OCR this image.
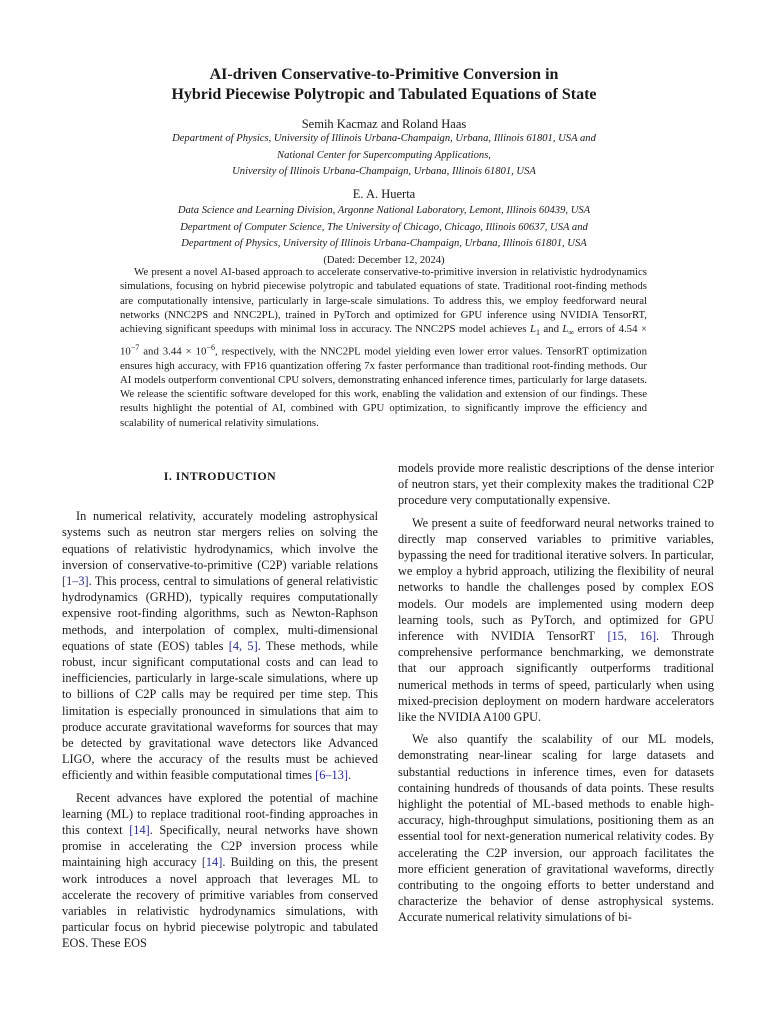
AI-driven Conservative-to-Primitive Conversion in
Hybrid Piecewise Polytropic and Tabulated Equations of State
Semih Kacmaz and Roland Haas
Department of Physics, University of Illinois Urbana-Champaign, Urbana, Illinois 61801, USA and
National Center for Supercomputing Applications,
University of Illinois Urbana-Champaign, Urbana, Illinois 61801, USA
E. A. Huerta
Data Science and Learning Division, Argonne National Laboratory, Lemont, Illinois 60439, USA
Department of Computer Science, The University of Chicago, Chicago, Illinois 60637, USA and
Department of Physics, University of Illinois Urbana-Champaign, Urbana, Illinois 61801, USA
(Dated: December 12, 2024)
We present a novel AI-based approach to accelerate conservative-to-primitive inversion in relativistic hydrodynamics simulations, focusing on hybrid piecewise polytropic and tabulated equations of state. Traditional root-finding methods are computationally intensive, particularly in large-scale simulations. To address this, we employ feedforward neural networks (NNC2PS and NNC2PL), trained in PyTorch and optimized for GPU inference using NVIDIA TensorRT, achieving significant speedups with minimal loss in accuracy. The NNC2PS model achieves $L_1$ and $L_\infty$ errors of $4.54 \times 10^{-7}$ and $3.44 \times 10^{-6}$, respectively, with the NNC2PL model yielding even lower error values. TensorRT optimization ensures high accuracy, with FP16 quantization offering 7x faster performance than traditional root-finding methods. Our AI models outperform conventional CPU solvers, demonstrating enhanced inference times, particularly for large datasets. We release the scientific software developed for this work, enabling the validation and extension of our findings. These results highlight the potential of AI, combined with GPU optimization, to significantly improve the efficiency and scalability of numerical relativity simulations.
I. INTRODUCTION

In numerical relativity, accurately modeling astrophysical systems such as neutron star mergers relies on solving the equations of relativistic hydrodynamics, which involve the inversion of conservative-to-primitive (C2P) variable relations [1–3]. This process, central to simulations of general relativistic hydrodynamics (GRHD), typically requires computationally expensive root-finding algorithms, such as Newton-Raphson methods, and interpolation of complex, multi-dimensional equations of state (EOS) tables [4, 5]. These methods, while robust, incur significant computational costs and can lead to inefficiencies, particularly in large-scale simulations, where up to billions of C2P calls may be required per time step. This limitation is especially pronounced in simulations that aim to produce accurate gravitational waveforms for sources that may be detected by gravitational wave detectors like Advanced LIGO, where the accuracy of the results must be achieved efficiently and within feasible computational times [6–13].

Recent advances have explored the potential of machine learning (ML) to replace traditional root-finding approaches in this context [14]. Specifically, neural networks have shown promise in accelerating the C2P inversion process while maintaining high accuracy [14]. Building on this, the present work introduces a novel approach that leverages ML to accelerate the recovery of primitive variables from conserved variables in relativistic hydrodynamics simulations, with particular focus on hybrid piecewise polytropic and tabulated EOS. These EOS

models provide more realistic descriptions of the dense interior of neutron stars, yet their complexity makes the traditional C2P procedure very computationally expensive.

We present a suite of feedforward neural networks trained to directly map conserved variables to primitive variables, bypassing the need for traditional iterative solvers. In particular, we employ a hybrid approach, utilizing the flexibility of neural networks to handle the challenges posed by complex EOS models. Our models are implemented using modern deep learning tools, such as PyTorch, and optimized for GPU inference with NVIDIA TensorRT [15, 16]. Through comprehensive performance benchmarking, we demonstrate that our approach significantly outperforms traditional numerical methods in terms of speed, particularly when using mixed-precision deployment on modern hardware accelerators like the NVIDIA A100 GPU.

We also quantify the scalability of our ML models, demonstrating near-linear scaling for large datasets and substantial reductions in inference times, even for datasets containing hundreds of thousands of data points. These results highlight the potential of ML-based methods to enable high-accuracy, high-throughput simulations, positioning them as an essential tool for next-generation numerical relativity codes. By accelerating the C2P inversion, our approach facilitates the more efficient generation of gravitational waveforms, directly contributing to the ongoing efforts to better understand and characterize the behavior of dense astrophysical systems. Accurate numerical relativity simulations of bi-
